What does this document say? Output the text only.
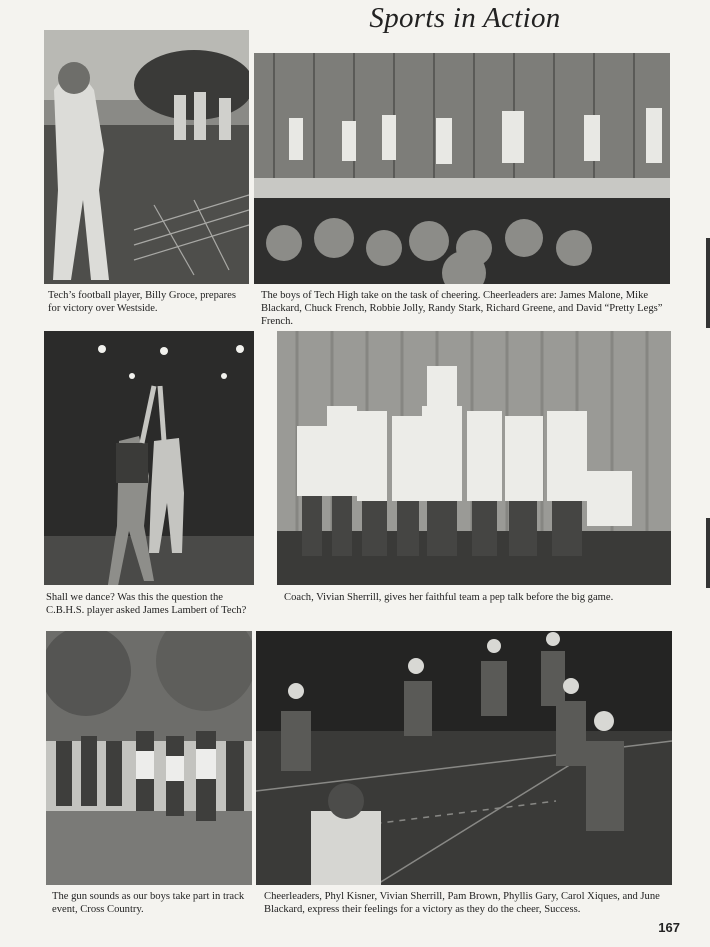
Sports in Action
Tech’s football player, Billy Groce, prepares for victory over Westside.
The boys of Tech High take on the task of cheering. Cheerleaders are: James Malone, Mike Blackard, Chuck French, Robbie Jolly, Randy Stark, Richard Greene, and David “Pretty Legs” French.
Shall we dance? Was this the question the C.B.H.S. player asked James Lambert of Tech?
Coach, Vivian Sherrill, gives her faithful team a pep talk before the big game.
The gun sounds as our boys take part in track event, Cross Country.
Cheerleaders, Phyl Kisner, Vivian Sherrill, Pam Brown, Phyllis Gary, Carol Xiques, and June Blackard, express their feelings for a victory as they do the cheer, Success.
167
